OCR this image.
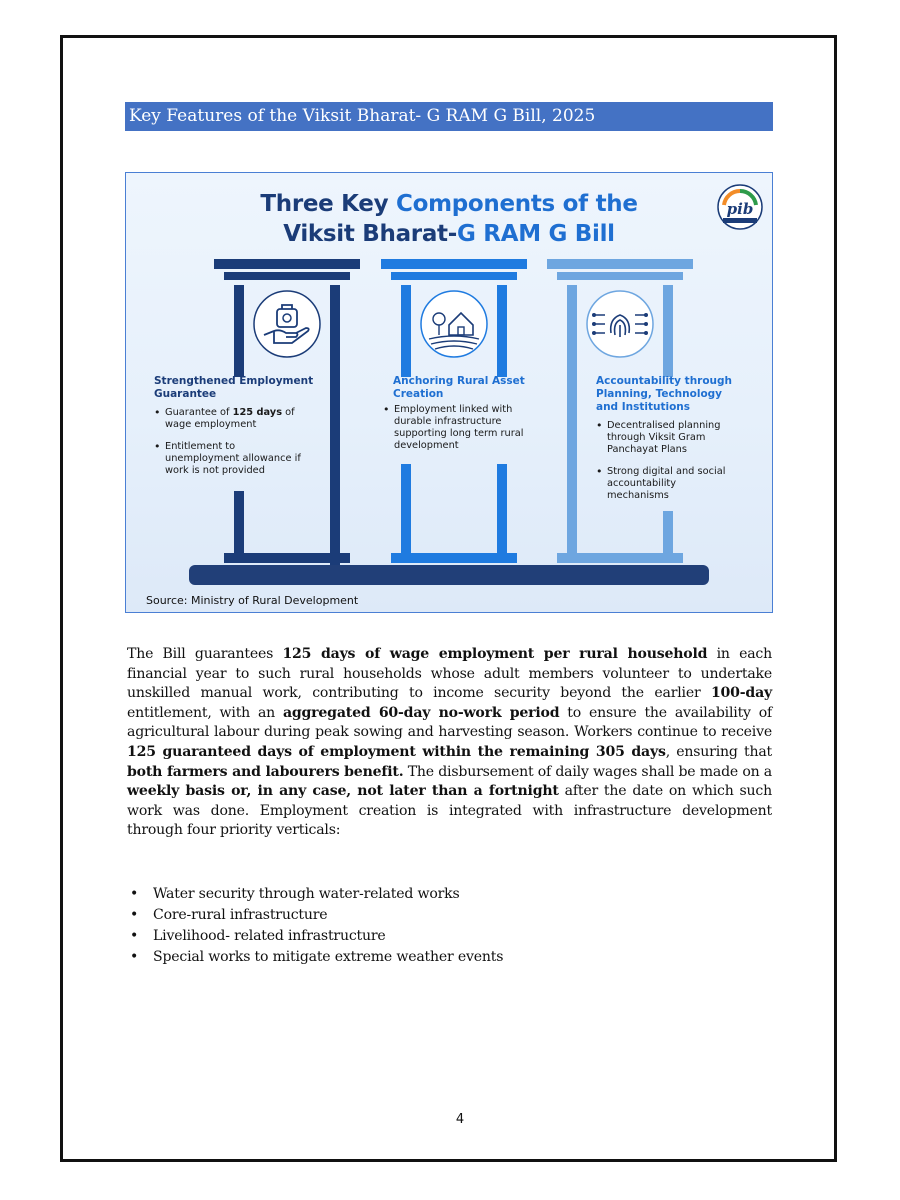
Key Features of the Viksit Bharat- G RAM G Bill, 2025
Three Key Components of the
Viksit Bharat-G RAM G Bill
pib
Strengthened Employment
Guarantee
• Guarantee of 125 days of wage employment
• Entitlement to unemployment allowance if work is not provided
Anchoring Rural Asset
Creation
• Employment linked with durable infrastructure supporting long term rural development
Accountability through
Planning, Technology
and Institutions
• Decentralised planning through Viksit Gram Panchayat Plans
• Strong digital and social accountability mechanisms
Source: Ministry of Rural Development

The Bill guarantees 125 days of wage employment per rural household in each financial year to such rural households whose adult members volunteer to undertake unskilled manual work, contributing to income security beyond the earlier 100-day entitlement, with an aggregated 60-day no-work period to ensure the availability of agricultural labour during peak sowing and harvesting season. Workers continue to receive 125 guaranteed days of employment within the remaining 305 days, ensuring that both farmers and labourers benefit. The disbursement of daily wages shall be made on a weekly basis or, in any case, not later than a fortnight after the date on which such work was done. Employment creation is integrated with infrastructure development through four priority verticals:

• Water security through water-related works
• Core-rural infrastructure
• Livelihood- related infrastructure
• Special works to mitigate extreme weather events
4
